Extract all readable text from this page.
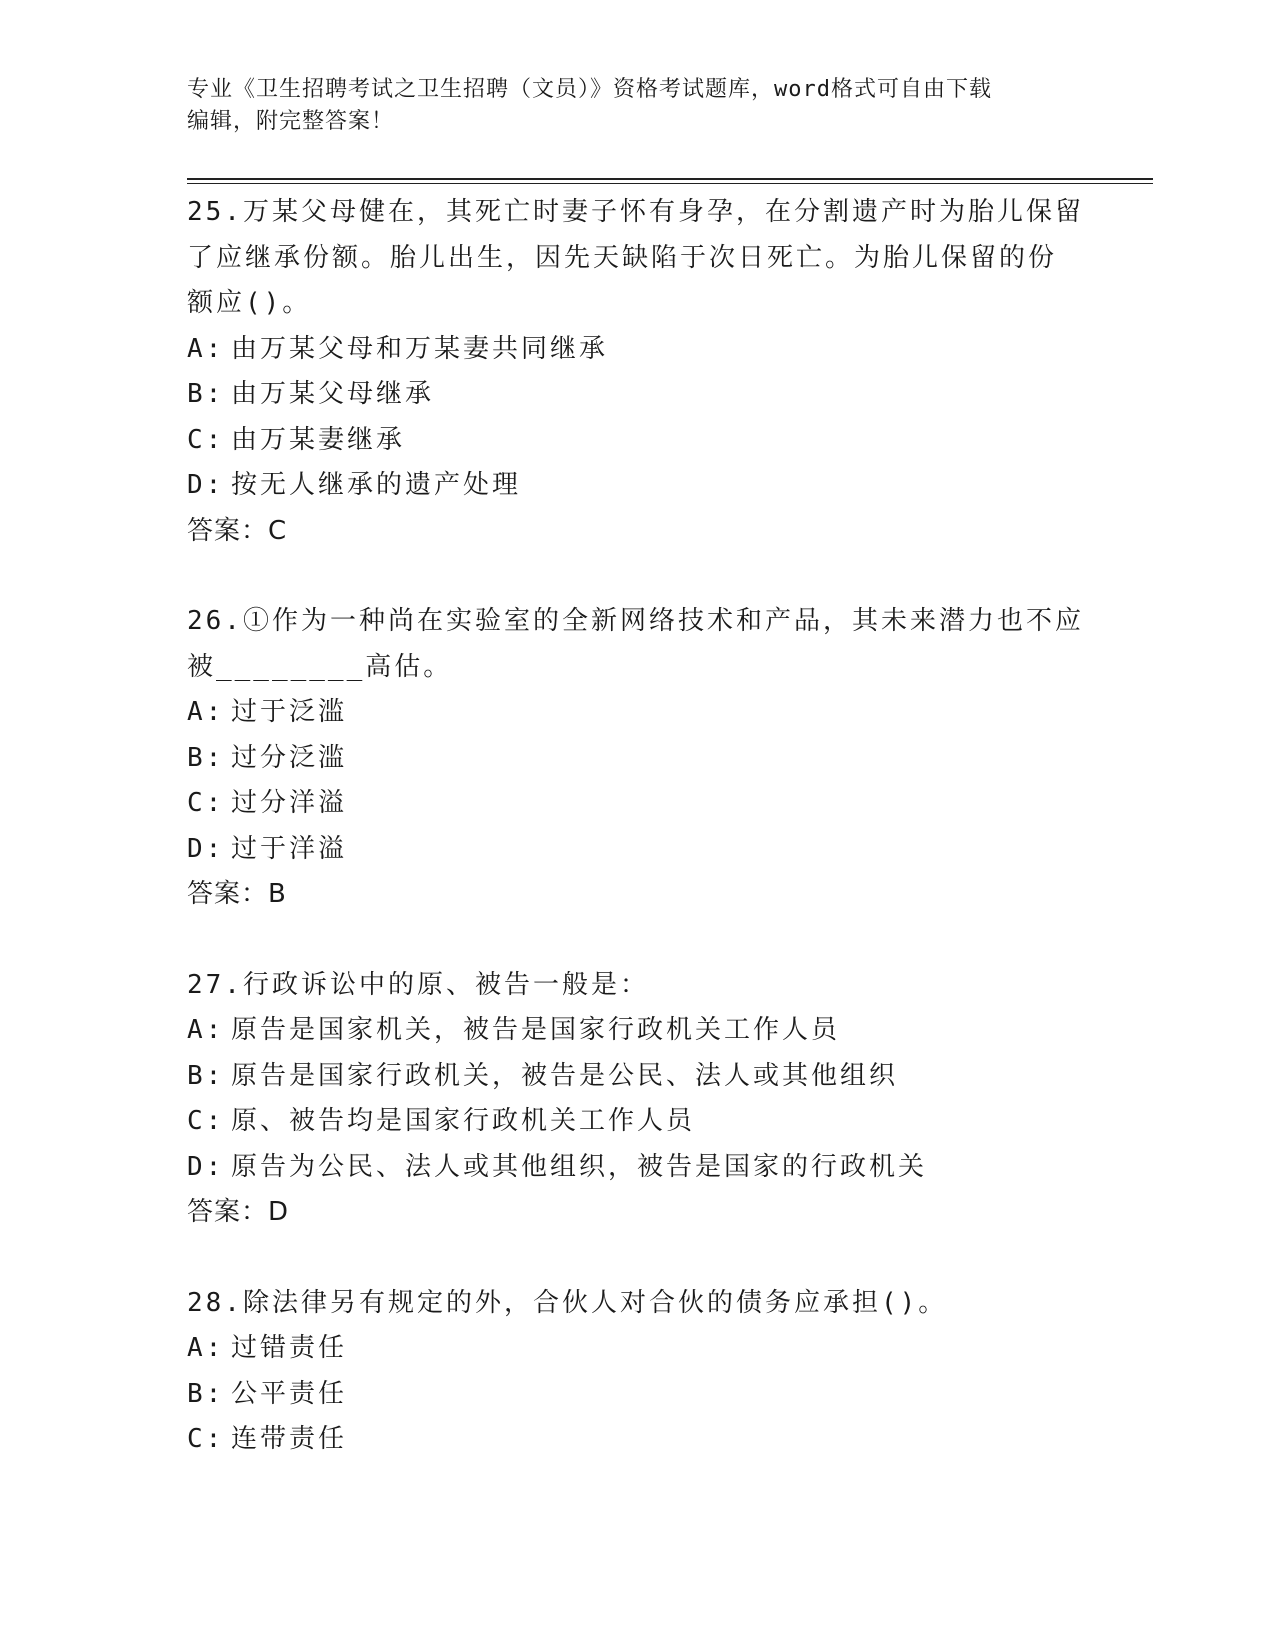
专业《卫生招聘考试之卫生招聘（文员）》资格考试题库，word格式可自由下载
编辑，附完整答案！

25.万某父母健在，其死亡时妻子怀有身孕，在分割遗产时为胎儿保留

了应继承份额。胎儿出生，因先天缺陷于次日死亡。为胎儿保留的份

额应()。

A: 由万某父母和万某妻共同继承
B: 由万某父母继承
C: 由万某妻继承
D: 按无人继承的遗产处理

答案：C

26.①作为一种尚在实验室的全新网络技术和产品，其未来潜力也不应

被________高估。

A: 过于泛滥
B: 过分泛滥
C: 过分洋溢
D: 过于洋溢

答案：B

27.行政诉讼中的原、被告一般是：

A: 原告是国家机关，被告是国家行政机关工作人员
B: 原告是国家行政机关，被告是公民、法人或其他组织
C: 原、被告均是国家行政机关工作人员
D: 原告为公民、法人或其他组织，被告是国家的行政机关

答案：D

28.除法律另有规定的外，合伙人对合伙的债务应承担()。

A: 过错责任
B: 公平责任
C: 连带责任
